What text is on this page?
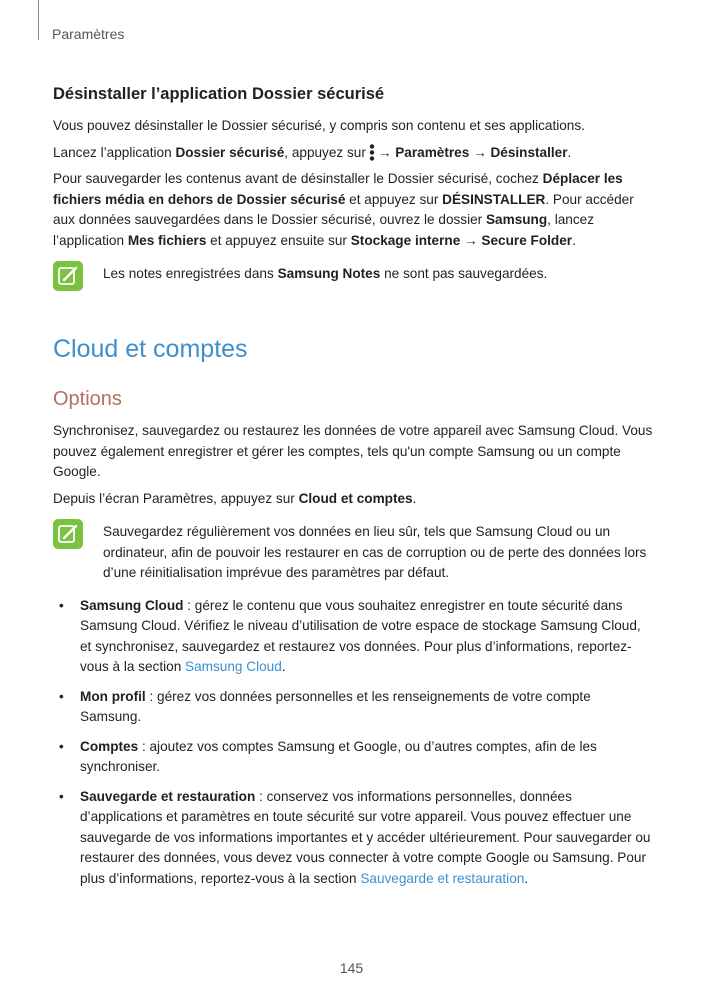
Paramètres
Désinstaller l’application Dossier sécurisé

Vous pouvez désinstaller le Dossier sécurisé, y compris son contenu et ses applications.

Lancez l’application Dossier sécurisé, appuyez sur → Paramètres → Désinstaller.

Pour sauvegarder les contenus avant de désinstaller le Dossier sécurisé, cochez Déplacer les fichiers média en dehors de Dossier sécurisé et appuyez sur DÉSINSTALLER. Pour accéder aux données sauvegardées dans le Dossier sécurisé, ouvrez le dossier Samsung, lancez l’application Mes fichiers et appuyez ensuite sur Stockage interne → Secure Folder.

Les notes enregistrées dans Samsung Notes ne sont pas sauvegardées.
Cloud et comptes
Options

Synchronisez, sauvegardez ou restaurez les données de votre appareil avec Samsung Cloud. Vous pouvez également enregistrer et gérer les comptes, tels qu'un compte Samsung ou un compte Google.

Depuis l’écran Paramètres, appuyez sur Cloud et comptes.

Sauvegardez régulièrement vos données en lieu sûr, tels que Samsung Cloud ou un ordinateur, afin de pouvoir les restaurer en cas de corruption ou de perte des données lors d’une réinitialisation imprévue des paramètres par défaut.
• Samsung Cloud : gérez le contenu que vous souhaitez enregistrer en toute sécurité dans Samsung Cloud. Vérifiez le niveau d’utilisation de votre espace de stockage Samsung Cloud, et synchronisez, sauvegardez et restaurez vos données. Pour plus d’informations, reportez-vous à la section Samsung Cloud.
• Mon profil : gérez vos données personnelles et les renseignements de votre compte Samsung.
• Comptes : ajoutez vos comptes Samsung et Google, ou d’autres comptes, afin de les synchroniser.
• Sauvegarde et restauration : conservez vos informations personnelles, données d’applications et paramètres en toute sécurité sur votre appareil. Vous pouvez effectuer une sauvegarde de vos informations importantes et y accéder ultérieurement. Pour sauvegarder ou restaurer des données, vous devez vous connecter à votre compte Google ou Samsung. Pour plus d’informations, reportez-vous à la section Sauvegarde et restauration.
145
